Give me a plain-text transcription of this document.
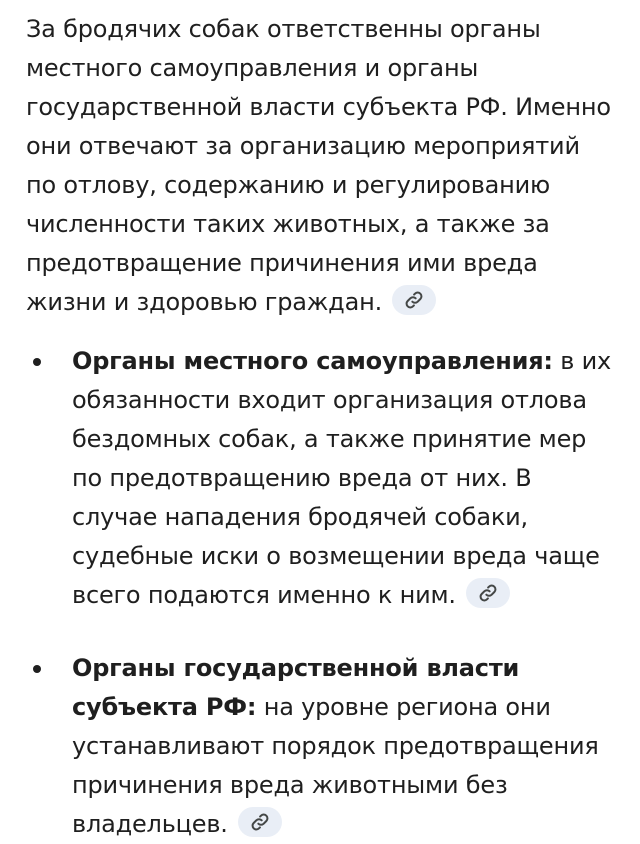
За бродячих собак ответственны органы местного самоуправления и органы государственной власти субъекта РФ. Именно они отвечают за организацию мероприятий по отлову, содержанию и регулированию численности таких животных, а также за предотвращение причинения ими вреда жизни и здоровью граждан.

Органы местного самоуправления: в их обязанности входит организация отлова бездомных собак, а также принятие мер по предотвращению вреда от них. В случае нападения бродячей собаки, судебные иски о возмещении вреда чаще всего подаются именно к ним.
Органы государственной власти субъекта РФ: на уровне региона они устанавливают порядок предотвращения причинения вреда животными без владельцев.
